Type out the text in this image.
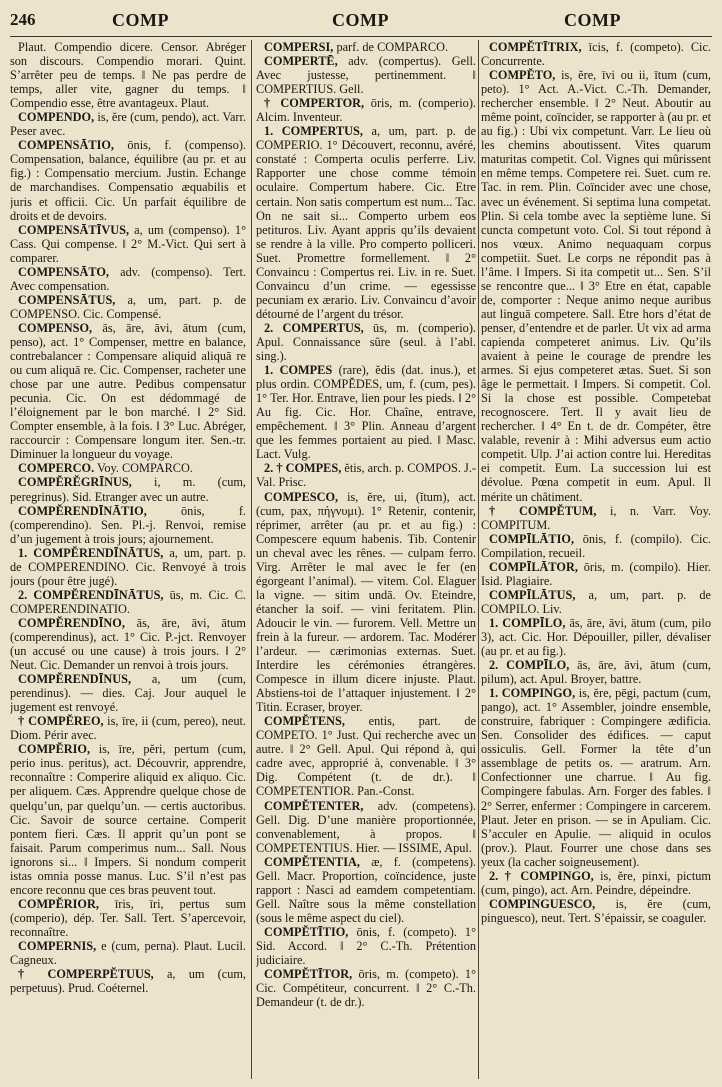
246	COMP	COMP	COMP
Plaut. Compendio dicere. Censor. Abréger son discours. Compendio morari. Quint. S’arrêter peu de temps. ‖ Ne pas perdre de temps, aller vite, gagner du temps. ‖ Compendio esse, être avantageux. Plaut.
COMPENDO, is, ĕre (cum, pendo), act. Varr. Peser avec.
COMPENSĀTIO, ōnis, f. (compenso). Compensation, balance, équilibre (au pr. et au fig.) : Compensatio mercium. Justin. Echange de marchandises. Compensatio æquabilis et juris et officii. Cic. Un parfait équilibre de droits et de devoirs.
COMPENSĀTĪVUS, a, um (compenso). 1° Cass. Qui compense. ‖ 2° M.-Vict. Qui sert à comparer.
COMPENSĀTO, adv. (compenso). Tert. Avec compensation.
COMPENSĀTUS, a, um, part. p. de COMPENSO. Cic. Compensé.
COMPENSO, ās, āre, āvi, ātum (cum, penso), act. 1° Compenser, mettre en balance, contrebalancer : Compensare aliquid aliquā re ou cum aliquā re. Cic. Compenser, racheter une chose par une autre. Pedibus compensatur pecunia. Cic. On est dédommagé de l’éloignement par le bon marché. ‖ 2° Sid. Compter ensemble, à la fois. ‖ 3° Luc. Abréger, raccourcir : Compensare longum iter. Sen.-tr. Diminuer la longueur du voyage.
COMPERCO. Voy. COMPARCO.
COMPĔRĔGRĪNUS, i, m. (cum, peregrinus). Sid. Etranger avec un autre.
COMPĔRENDĪNĀTIO,	ōnis, f. (comperendino). Sen. Pl.-j. Renvoi, remise d’un jugement à trois jours; ajournement.
1. COMPĔRENDĪNĀTUS, a, um, part. p. de COMPERENDINO. Cic. Renvoyé à trois jours (pour être jugé).
2. COMPĔRENDĪNĀTUS, ūs, m. Cic. C. COMPERENDINATIO.
COMPĔRENDĪNO, ās, āre, āvi, ātum (comperendinus), act. 1° Cic. P.-jct. Renvoyer (un accusé ou une cause) à trois jours. ‖ 2° Neut. Cic. Demander un renvoi à trois jours.
COMPĔRENDĪNUS, a, um (cum, perendinus). — dies. Caj. Jour auquel le jugement est renvoyé.
† COMPĔREO, is, īre, ii (cum, pereo), neut. Diom. Périr avec.
COMPĔRIO, is, īre, pĕri, pertum (cum, perio inus. peritus), act. Découvrir, apprendre, reconnaître : Comperire aliquid ex aliquo. Cic. per aliquem. Cæs. Apprendre quelque chose de quelqu’un, par quelqu’un. — certis auctoribus. Cic. Savoir de source certaine. Comperit pontem fieri. Cæs. Il apprit qu’un pont se faisait. Parum comperimus num... Sall. Nous ignorons si... ‖ Impers. Si nondum comperit istas omnia posse manus. Luc. S’il n’est pas encore reconnu que ces bras peuvent tout.
COMPĔRIOR, īris, īri, pertus sum (comperio), dép. Ter. Sall. Tert. S’apercevoir, reconnaître.
COMPERNIS, e (cum, perna). Plaut. Lucil. Cagneux.
† COMPERPĔTUUS, a, um (cum, perpetuus). Prud. Coéternel.
COMPERSI, parf. de COMPARCO.
COMPERTĒ, adv. (compertus). Gell. Avec justesse, pertinemment. ‖ COMPERTIUS. Gell.
† COMPERTOR, ōris, m. (comperio). Alcim. Inventeur.
1. COMPERTUS, a, um, part. p. de COMPERIO. 1° Découvert, reconnu, avéré, constaté : Comperta oculis perferre. Liv. Rapporter une chose comme témoin oculaire. Compertum habere. Cic. Etre certain. Non satis compertum est num... Tac. On ne sait si... Comperto urbem eos petituros. Liv. Ayant appris qu’ils devaient se rendre à la ville. Pro comperto polliceri. Suet. Promettre formellement. ‖ 2° Convaincu : Compertus rei. Liv. in re. Suet. Convaincu d’un crime. — egessisse pecuniam ex ærario. Liv. Convaincu d’avoir détourné de l’argent du trésor.
2. COMPERTUS, ūs, m. (comperio). Apul. Connaissance sûre (seul. à l’abl. sing.).
1. COMPES (rare), ĕdis (dat. inus.), et plus ordin. COMPĔDES, um, f. (cum, pes). 1° Ter. Hor. Entrave, lien pour les pieds. ‖ 2° Au fig. Cic. Hor. Chaîne, entrave, empêchement. ‖ 3° Plin. Anneau d’argent que les femmes portaient au pied. ‖ Masc. Lact. Vulg.
2. † COMPES, ĕtis, arch. p. COMPOS. J.-Val. Prisc.
COMPESCO, is, ĕre, ui, (ĭtum), act. (cum, pax, πήγνυμι). 1° Retenir, contenir, réprimer, arrêter (au pr. et au fig.) : Compescere equum habenis. Tib. Contenir un cheval avec les rênes. — culpam ferro. Virg. Arrêter le mal avec le fer (en égorgeant l’animal). — vitem. Col. Elaguer la vigne. — sitim undā. Ov. Eteindre, étancher la soif. — vini feritatem. Plin. Adoucir le vin. — furorem. Vell. Mettre un frein à la fureur. — ardorem. Tac. Modérer l’ardeur. — cærimonias externas. Suet. Interdire les cérémonies étrangères. Compesce in illum dicere injuste. Plaut. Abstiens-toi de l’attaquer injustement. ‖ 2° Titin. Ecraser, broyer.
COMPĔTENS, entis, part. de COMPETO. 1° Just. Qui recherche avec un autre. ‖ 2° Gell. Apul. Qui répond à, qui cadre avec, approprié à, convenable. ‖ 3° Dig. Compétent (t. de dr.). ‖ COMPETENTIOR. Pan.-Const.
COMPĔTENTER, adv. (competens). Gell. Dig. D’une manière proportionnée, convenablement, à propos. ‖ COMPETENTIUS. Hier. — ISSIME, Apul.
COMPĔTENTIA, æ, f. (competens). Gell. Macr. Proportion, coïncidence, juste rapport : Nasci ad eamdem competentiam. Gell. Naître sous la même constellation (sous le même aspect du ciel).
COMPĔTĪTIO, ōnis, f. (competo). 1° Sid. Accord. ‖ 2° C.-Th. Prétention judiciaire.
COMPĔTĪTOR, ōris, m. (competo). 1° Cic. Compétiteur, concurrent. ‖ 2° C.-Th. Demandeur (t. de dr.).
COMPĔTĪTRIX, īcis, f. (competo). Cic. Concurrente.
COMPĔTO, is, ĕre, īvi ou ii, ītum (cum, peto). 1° Act. A.-Vict. C.-Th. Demander, rechercher ensemble. ‖ 2° Neut. Aboutir au même point, coïncider, se rapporter à (au pr. et au fig.) : Ubi vix competunt. Varr. Le lieu où les chemins aboutissent. Vites quarum maturitas competit. Col. Vignes qui mûrissent en même temps. Competere rei. Suet. cum re. Tac. in rem. Plin. Coïncider avec une chose, avec un événement. Si septima luna competat. Plin. Si cela tombe avec la septième lune. Si cuncta competunt voto. Col. Si tout répond à nos vœux. Animo nequaquam corpus competiit. Suet. Le corps ne répondit pas à l’âme. ‖ Impers. Si ita competit ut... Sen. S’il se rencontre que... ‖ 3° Etre en état, capable de, comporter : Neque animo neque auribus aut linguā competere. Sall. Etre hors d’état de penser, d’entendre et de parler. Ut vix ad arma capienda competeret animus. Liv. Qu’ils avaient à peine le courage de prendre les armes. Si ejus competeret ætas. Suet. Si son âge le permettait. ‖ Impers. Si competit. Col. Si la chose est possible. Competebat recognoscere. Tert. Il y avait lieu de rechercher. ‖ 4° En t. de dr. Compéter, être valable, revenir à : Mihi adversus eum actio competit. Ulp. J’ai action contre lui. Hereditas ei competit. Eum. La succession lui est dévolue. Pœna competit in eum. Apul. Il mérite un châtiment.
† COMPĔTUM, i, n. Varr. Voy. COMPITUM.
COMPĪLĀTIO, ōnis, f. (compilo). Cic. Compilation, recueil.
COMPĪLĀTOR, ōris, m. (compilo). Hier. Isid. Plagiaire.
COMPĪLĀTUS, a, um, part. p. de COMPILO. Liv.
1. COMPĪLO, ās, āre, āvi, ātum (cum, pilo 3), act. Cic. Hor. Dépouiller, piller, dévaliser (au pr. et au fig.).
2. COMPĪLO, ās, āre, āvi, ātum (cum, pilum), act. Apul. Broyer, battre.
1. COMPINGO, is, ĕre, pēgi, pactum (cum, pango), act. 1° Assembler, joindre ensemble, construire, fabriquer : Compingere ædificia. Sen. Consolider des édifices. — caput ossiculis. Gell. Former la tête d’un assemblage de petits os. — aratrum. Arn. Confectionner une charrue. ‖ Au fig. Compingere fabulas. Arn. Forger des fables. ‖ 2° Serrer, enfermer : Compingere in carcerem. Plaut. Jeter en prison. — se in Apuliam. Cic. S’acculer en Apulie. — aliquid in oculos (prov.). Plaut. Fourrer une chose dans ses yeux (la cacher soigneusement).
2. † COMPINGO, is, ĕre, pinxi, pictum (cum, pingo), act. Arn. Peindre, dépeindre.
COMPINGUESCO, is, ĕre (cum, pinguesco), neut. Tert. S’épaissir, se coaguler.
